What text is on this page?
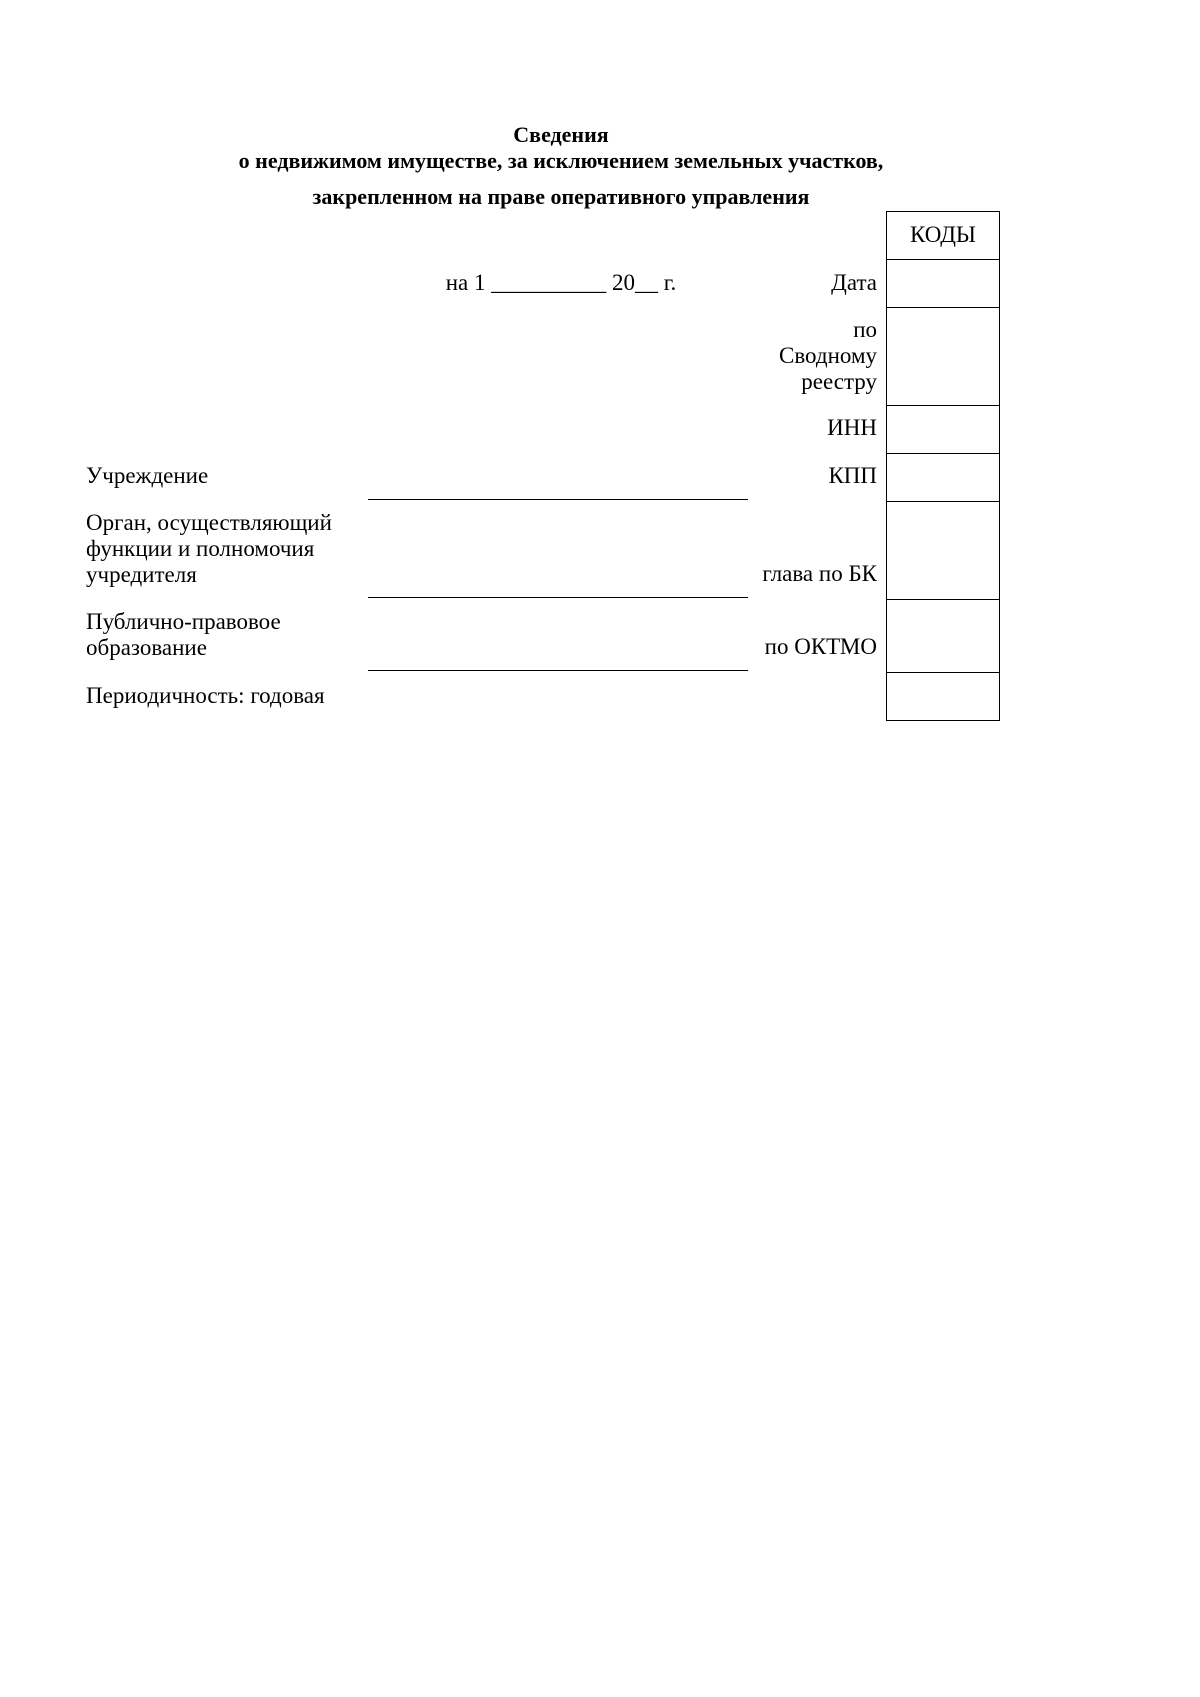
Сведения
о недвижимом имуществе, за исключением земельных участков,
закрепленном на праве оперативного управления
на 1 __________ 20__ г.	Дата
по Сводному реестру
ИНН
КПП
глава по БК
по ОКТМО
Учреждение
Орган, осуществляющий функции и полномочия учредителя
Публично-правовое образование
Периодичность: годовая
КОДЫ
